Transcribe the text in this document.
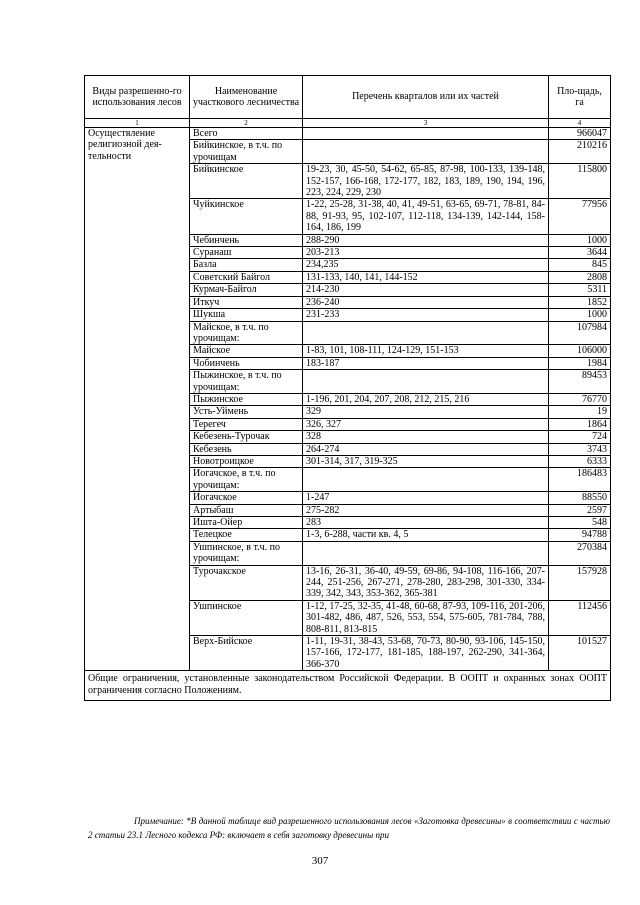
Виды разрешенно-го использования лесов	Наименование участкового лесничества	Перечень кварталов или их частей	Пло-щадь, га
1	2	3	4
Осуществление религиозной дея-тельности	Всего		966047
	Бийкинское, в т.ч. по урочищам		210216
	Бийкинское	19-23, 30, 45-50, 54-62, 65-85, 87-98, 100-133, 139-148, 152-157, 166-168, 172-177, 182, 183, 189, 190, 194, 196, 223, 224, 229, 230	115800
	Чуйкинское	1-22, 25-28, 31-38, 40, 41, 49-51, 63-65, 69-71, 78-81, 84-88, 91-93, 95, 102-107, 112-118, 134-139, 142-144, 158-164, 186, 199	77956
	Чебинчень	288-290	1000
	Суранаш	203-213	3644
	Базла	234,235	845
	Советский Байгол	131-133, 140, 141, 144-152	2808
	Курмач-Байгол	214-230	5311
	Иткуч	236-240	1852
	Шукша	231-233	1000
	Майское, в т.ч. по урочищам:		107984
	Майское	1-83, 101, 108-111, 124-129, 151-153	106000
	Чобинчень	183-187	1984
	Пыжинское, в т.ч. по урочищам:		89453
	Пыжинское	1-196, 201, 204, 207, 208, 212, 215, 216	76770
	Усть-Уймень	329	19
	Терегеч	326, 327	1864
	Кебезень-Турочак	328	724
	Кебезень	264-274	3743
	Новотроицкое	301-314, 317, 319-325	6333
	Иогачское, в т.ч. по урочищам:		186483
	Иогачское	1-247	88550
	Артыбаш	275-282	2597
	Ишта-Ойер	283	548
	Телецкое	1-3, 6-288, части кв. 4, 5	94788
	Ушпинское, в т.ч. по урочищам:		270384
	Турочакское	13-16, 26-31, 36-40, 49-59, 69-86, 94-108, 116-166, 207-244, 251-256, 267-271, 278-280, 283-298, 301-330, 334-339, 342, 343, 353-362, 365-381	157928
	Ушпинское	1-12, 17-25, 32-35, 41-48, 60-68, 87-93, 109-116, 201-206, 301-482, 486, 487, 526, 553, 554, 575-605, 781-784, 788, 808-811, 813-815	112456
	Верх-Бийское	1-11, 19-31, 38-43, 53-68, 70-73, 80-90, 93-106, 145-150, 157-166, 172-177, 181-185, 188-197, 262-290, 341-364, 366-370	101527
Общие ограничения, установленные законодательством Российской Федерации. В ООПТ и охранных зонах ООПТ ограничения согласно Положениям.			
Примечание: *В данной таблице вид разрешенного использования лесов «Заготовка древесины» в соответствии с частью 2 статьи 23.1 Лесного кодекса РФ: включает в себя заготовку древесины при
307
